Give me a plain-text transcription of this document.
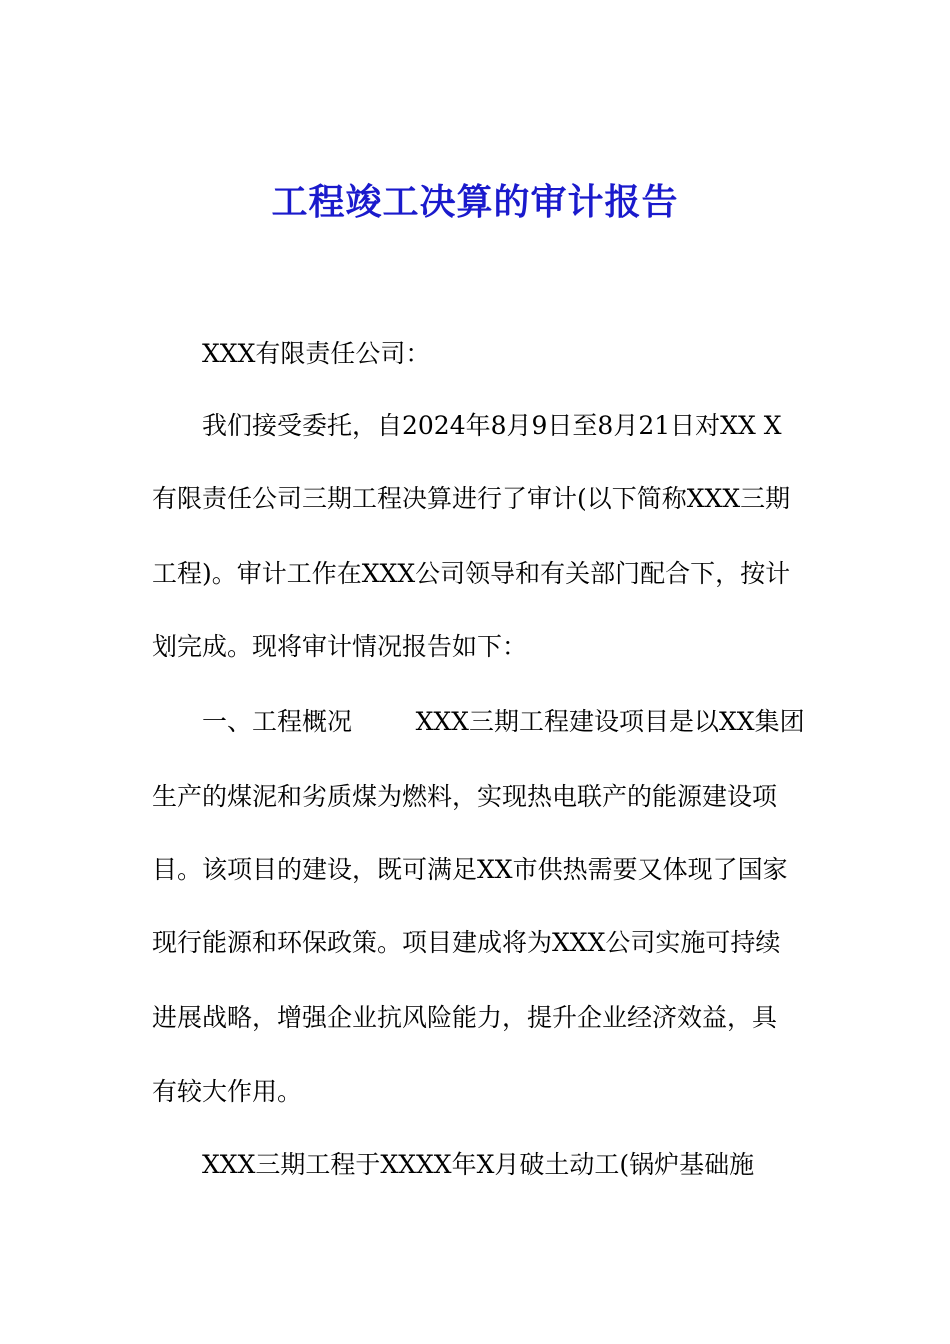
工程竣工决算的审计报告

XXX有限责任公司：

我们接受委托，自2024年8月9日至8月21日对XX X

有限责任公司三期工程决算进行了审计(以下简称XXX三期

工程)。审计工作在XXX公司领导和有关部门配合下，按计

划完成。现将审计情况报告如下：

一、工程概况        XXX三期工程建设项目是以XX集团

生产的煤泥和劣质煤为燃料，实现热电联产的能源建设项

目。该项目的建设，既可满足XX市供热需要又体现了国家

现行能源和环保政策。项目建成将为XXX公司实施可持续

进展战略，增强企业抗风险能力，提升企业经济效益，具

有较大作用。

XXX三期工程于XXXX年X月破土动工(锅炉基础施
